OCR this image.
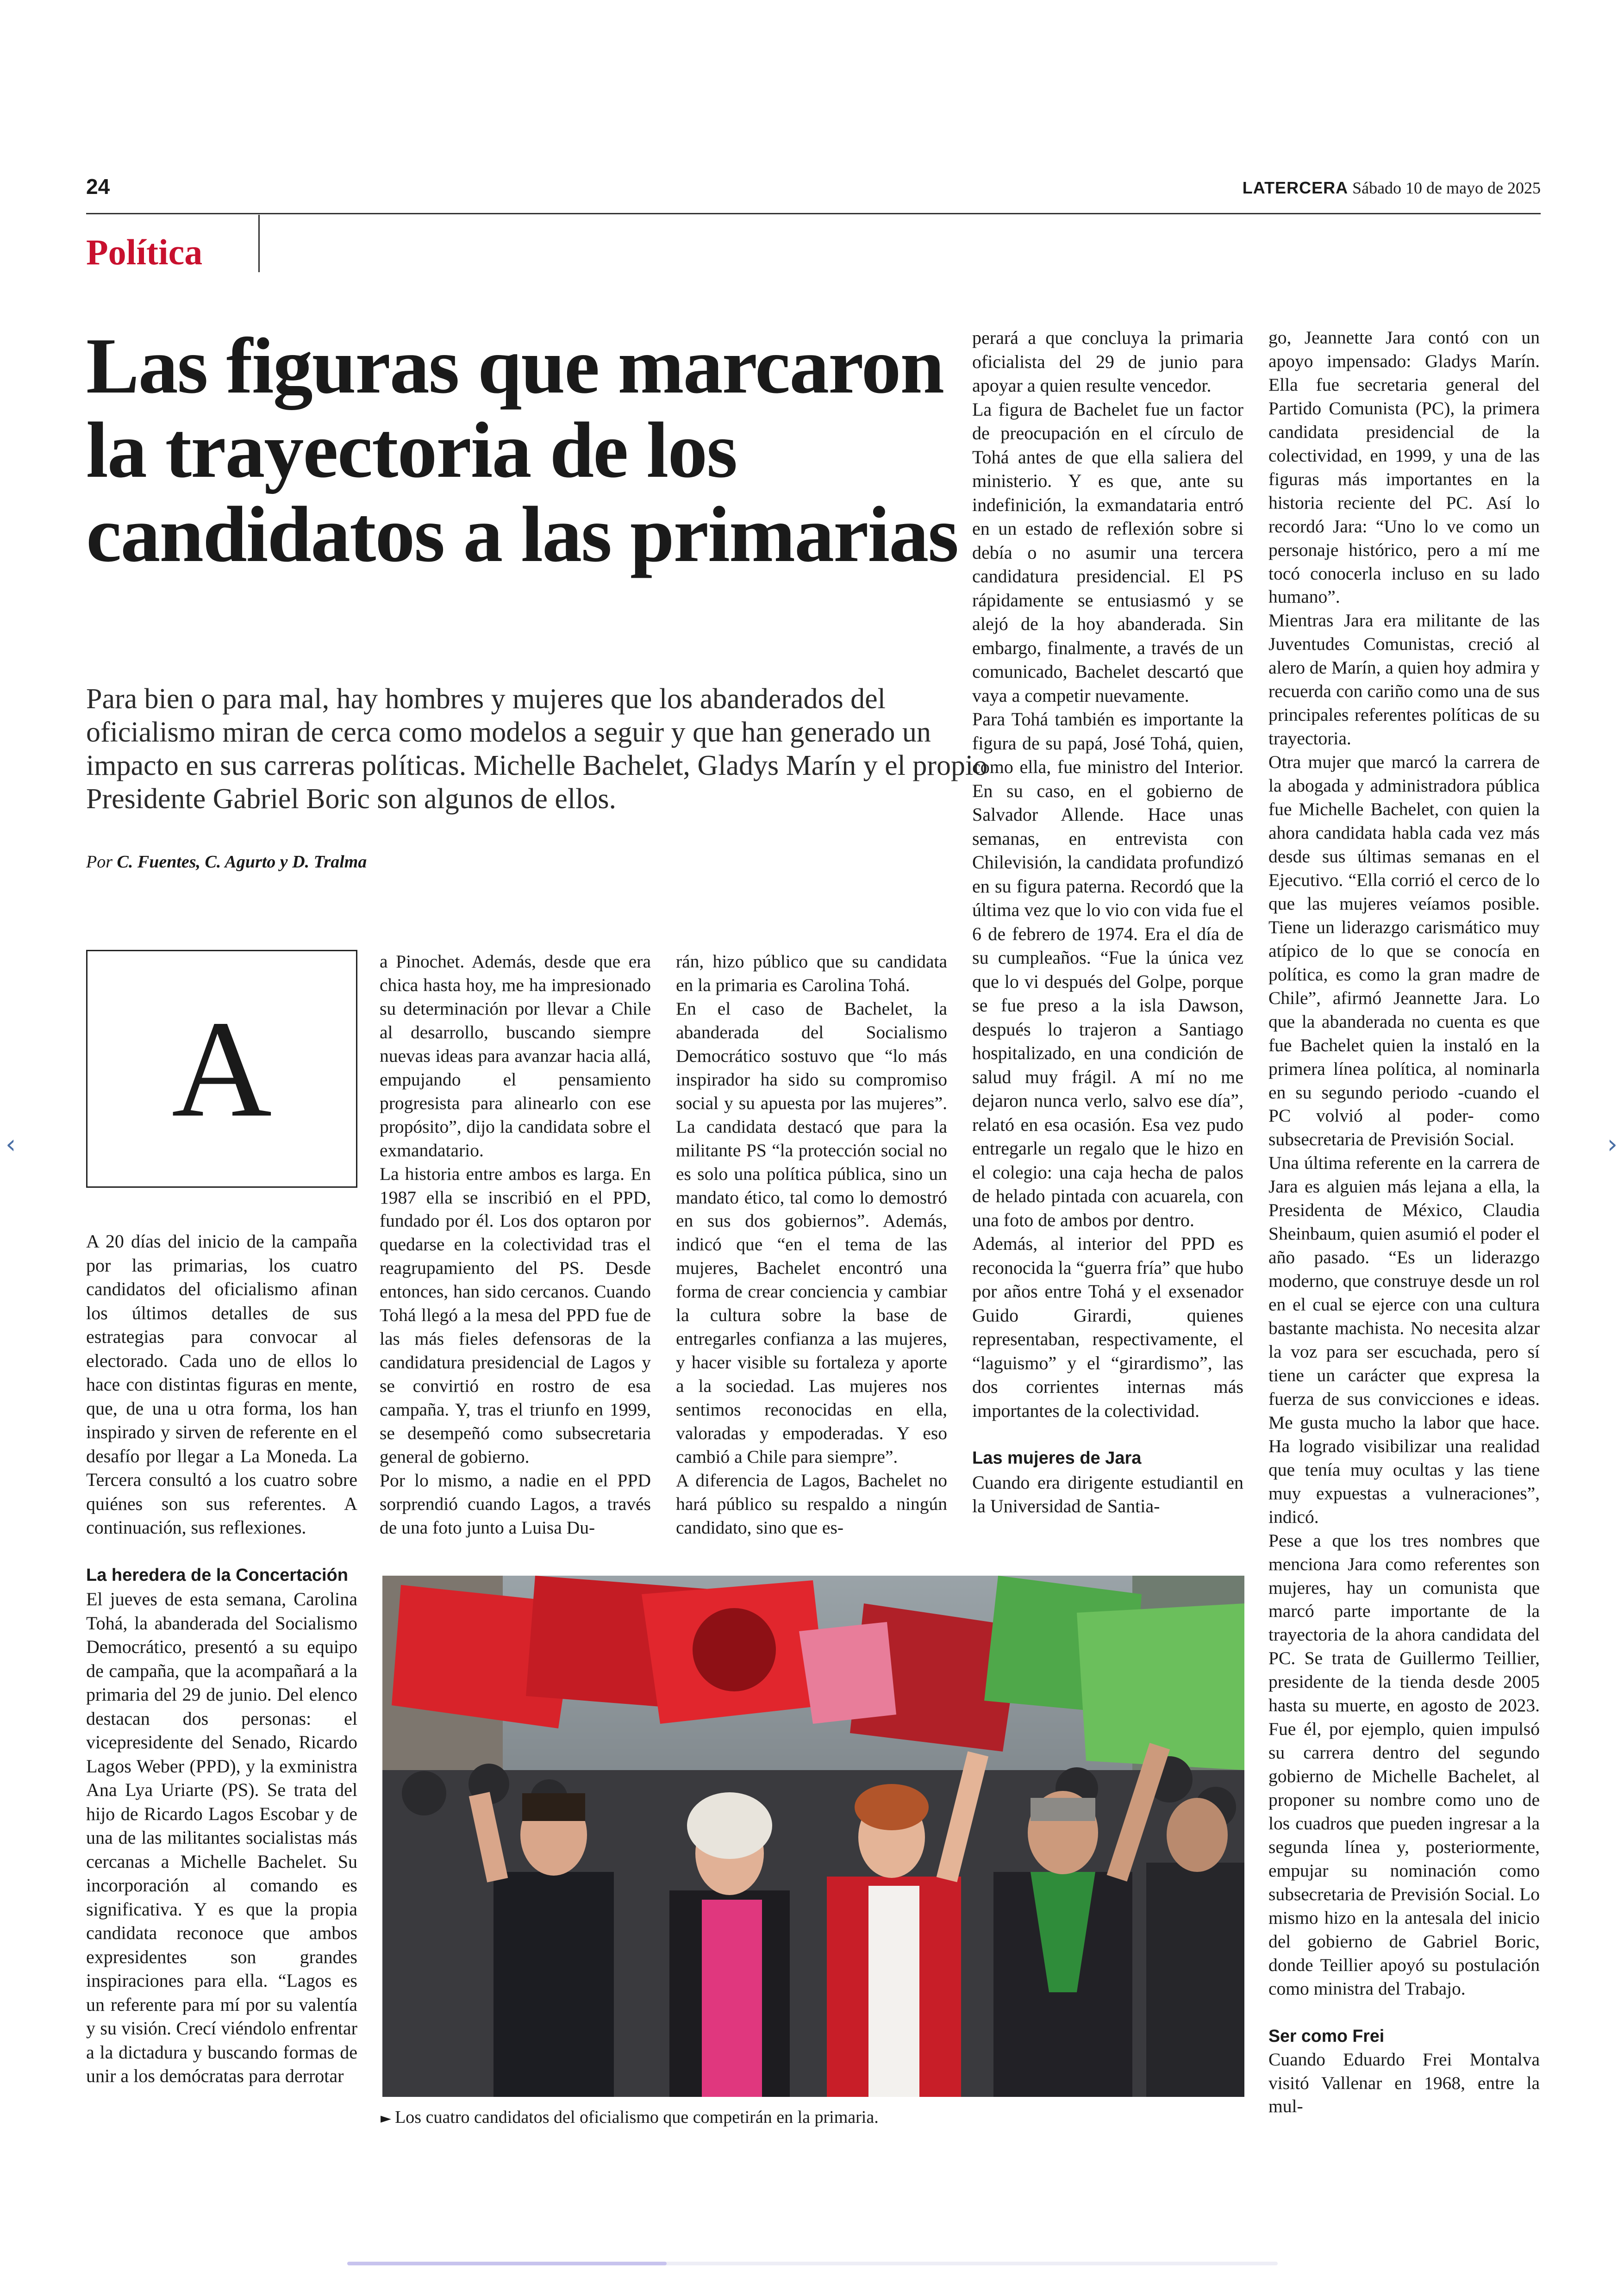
24	LATERCERA Sábado 10 de mayo de 2025
Política
Las figuras que marcaron la trayectoria de los candidatos a las primarias

Para bien o para mal, hay hombres y mujeres que los abanderados del oficialismo miran de cerca como modelos a seguir y que han generado un impacto en sus carreras políticas. Michelle Bachelet, Gladys Marín y el propio Presidente Gabriel Boric son algunos de ellos.

Por C. Fuentes, C. Agurto y D. Tralma
A

A 20 días del inicio de la campaña por las primarias, los cuatro candidatos del oficialismo afinan los últimos detalles de sus estrategias para convocar al electorado. Cada uno de ellos lo hace con distintas figuras en mente, que, de una u otra forma, los han inspirado y sirven de referente en el desafío por llegar a La Moneda. La Tercera consultó a los cuatro sobre quiénes son sus referentes. A continuación, sus reflexiones.

La heredera de la Concertación

El jueves de esta semana, Carolina Tohá, la abanderada del Socialismo Democrático, presentó a su equipo de campaña, que la acompañará a la primaria del 29 de junio. Del elenco destacan dos personas: el vicepresidente del Senado, Ricardo Lagos Weber (PPD), y la exministra Ana Lya Uriarte (PS). Se trata del hijo de Ricardo Lagos Escobar y de una de las militantes socialistas más cercanas a Michelle Bachelet. Su incorporación al comando es significativa. Y es que la propia candidata reconoce que ambos expresidentes son grandes inspiraciones para ella. “Lagos es un referente para mí por su valentía y su visión. Crecí viéndolo enfrentar a la dictadura y buscando formas de unir a los demócratas para derrotar

a Pinochet. Además, desde que era chica hasta hoy, me ha impresionado su determinación por llevar a Chile al desarrollo, buscando siempre nuevas ideas para avanzar hacia allá, empujando el pensamiento progresista para alinearlo con ese propósito”, dijo la candidata sobre el exmandatario.

La historia entre ambos es larga. En 1987 ella se inscribió en el PPD, fundado por él. Los dos optaron por quedarse en la colectividad tras el reagrupamiento del PS. Desde entonces, han sido cercanos. Cuando Tohá llegó a la mesa del PPD fue de las más fieles defensoras de la candidatura presidencial de Lagos y se convirtió en rostro de esa campaña. Y, tras el triunfo en 1999, se desempeñó como subsecretaria general de gobierno.

Por lo mismo, a nadie en el PPD sorprendió cuando Lagos, a través de una foto junto a Luisa Du-

rán, hizo público que su candidata en la primaria es Carolina Tohá.

En el caso de Bachelet, la abanderada del Socialismo Democrático sostuvo que “lo más inspirador ha sido su compromiso social y su apuesta por las mujeres”. La candidata destacó que para la militante PS “la protección social no es solo una política pública, sino un mandato ético, tal como lo demostró en sus dos gobiernos”. Además, indicó que “en el tema de las mujeres, Bachelet encontró una forma de crear conciencia y cambiar la cultura sobre la base de entregarles confianza a las mujeres, y hacer visible su fortaleza y aporte a la sociedad. Las mujeres nos sentimos reconocidas en ella, valoradas y empoderadas. Y eso cambió a Chile para siempre”.

A diferencia de Lagos, Bachelet no hará público su respaldo a ningún candidato, sino que es-

perará a que concluya la primaria oficialista del 29 de junio para apoyar a quien resulte vencedor.

La figura de Bachelet fue un factor de preocupación en el círculo de Tohá antes de que ella saliera del ministerio. Y es que, ante su indefinición, la exmandataria entró en un estado de reflexión sobre si debía o no asumir una tercera candidatura presidencial. El PS rápidamente se entusiasmó y se alejó de la hoy abanderada. Sin embargo, finalmente, a través de un comunicado, Bachelet descartó que vaya a competir nuevamente.

Para Tohá también es importante la figura de su papá, José Tohá, quien, como ella, fue ministro del Interior. En su caso, en el gobierno de Salvador Allende. Hace unas semanas, en entrevista con Chilevisión, la candidata profundizó en su figura paterna. Recordó que la última vez que lo vio con vida fue el 6 de febrero de 1974. Era el día de su cumpleaños. “Fue la única vez que lo vi después del Golpe, porque se fue preso a la isla Dawson, después lo trajeron a Santiago hospitalizado, en una condición de salud muy frágil. A mí no me dejaron nunca verlo, salvo ese día”, relató en esa ocasión. Esa vez pudo entregarle un regalo que le hizo en el colegio: una caja hecha de palos de helado pintada con acuarela, con una foto de ambos por dentro.

Además, al interior del PPD es reconocida la “guerra fría” que hubo por años entre Tohá y el exsenador Guido Girardi, quienes representaban, respectivamente, el “laguismo” y el “girardismo”, las dos corrientes internas más importantes de la colectividad.

Las mujeres de Jara

Cuando era dirigente estudiantil en la Universidad de Santia-

go, Jeannette Jara contó con un apoyo impensado: Gladys Marín. Ella fue secretaria general del Partido Comunista (PC), la primera candidata presidencial de la colectividad, en 1999, y una de las figuras más importantes en la historia reciente del PC. Así lo recordó Jara: “Uno lo ve como un personaje histórico, pero a mí me tocó conocerla incluso en su lado humano”.

Mientras Jara era militante de las Juventudes Comunistas, creció al alero de Marín, a quien hoy admira y recuerda con cariño como una de sus principales referentes políticas de su trayectoria.

Otra mujer que marcó la carrera de la abogada y administradora pública fue Michelle Bachelet, con quien la ahora candidata habla cada vez más desde sus últimas semanas en el Ejecutivo. “Ella corrió el cerco de lo que las mujeres veíamos posible. Tiene un liderazgo carismático muy atípico de lo que se conocía en política, es como la gran madre de Chile”, afirmó Jeannette Jara. Lo que la abanderada no cuenta es que fue Bachelet quien la instaló en la primera línea política, al nominarla en su segundo periodo -cuando el PC volvió al poder- como subsecretaria de Previsión Social.

Una última referente en la carrera de Jara es alguien más lejana a ella, la Presidenta de México, Claudia Sheinbaum, quien asumió el poder el año pasado. “Es un liderazgo moderno, que construye desde un rol en el cual se ejerce con una cultura bastante machista. No necesita alzar la voz para ser escuchada, pero sí tiene un carácter que expresa la fuerza de sus convicciones e ideas. Me gusta mucho la labor que hace. Ha logrado visibilizar una realidad que tenía muy ocultas y las tiene muy expuestas a vulneraciones”, indicó.

Pese a que los tres nombres que menciona Jara como referentes son mujeres, hay un comunista que marcó parte importante de la trayectoria de la ahora candidata del PC. Se trata de Guillermo Teillier, presidente de la tienda desde 2005 hasta su muerte, en agosto de 2023. Fue él, por ejemplo, quien impulsó su carrera dentro del segundo gobierno de Michelle Bachelet, al proponer su nombre como uno de los cuadros que pueden ingresar a la segunda línea y, posteriormente, empujar su nominación como subsecretaria de Previsión Social. Lo mismo hizo en la antesala del inicio del gobierno de Gabriel Boric, donde Teillier apoyó su postulación como ministra del Trabajo.

Ser como Frei

Cuando Eduardo Frei Montalva visitó Vallenar en 1968, entre la mul-

► Los cuatro candidatos del oficialismo que competirán en la primaria.
‹	›
